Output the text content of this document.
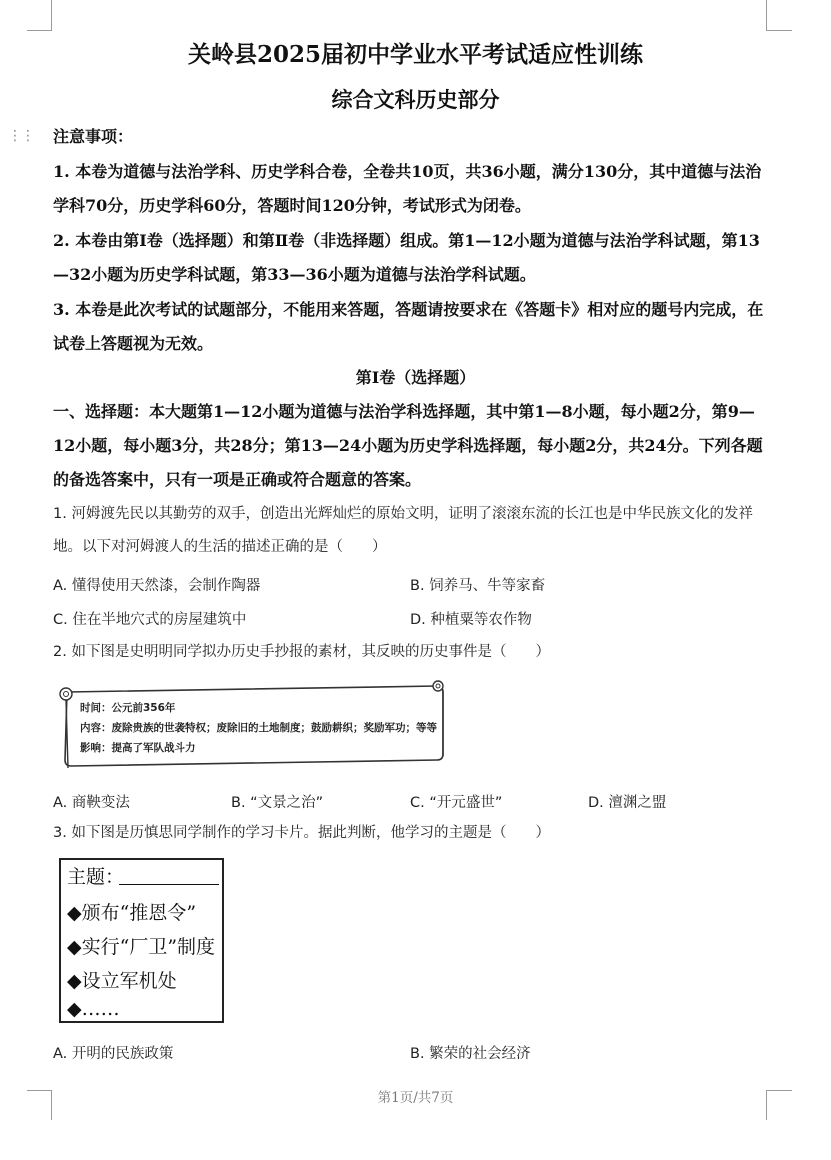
⋮⋮
关岭县2025届初中学业水平考试适应性训练
综合文科历史部分
注意事项：
1. 本卷为道德与法治学科、历史学科合卷，全卷共10页，共36小题，满分130分，其中道德与法治学科70分，历史学科60分，答题时间120分钟，考试形式为闭卷。
2. 本卷由第Ⅰ卷（选择题）和第Ⅱ卷（非选择题）组成。第1—12小题为道德与法治学科试题，第13—32小题为历史学科试题，第33—36小题为道德与法治学科试题。
3. 本卷是此次考试的试题部分，不能用来答题，答题请按要求在《答题卡》相对应的题号内完成，在试卷上答题视为无效。
第Ⅰ卷（选择题）
一、选择题：本大题第1—12小题为道德与法治学科选择题，其中第1—8小题，每小题2分，第9—12小题，每小题3分，共28分；第13—24小题为历史学科选择题，每小题2分，共24分。下列各题的备选答案中，只有一项是正确或符合题意的答案。
1. 河姆渡先民以其勤劳的双手，创造出光辉灿烂的原始文明，证明了滚滚东流的长江也是中华民族文化的发祥地。以下对河姆渡人的生活的描述正确的是（　　）
A. 懂得使用天然漆，会制作陶器	B. 饲养马、牛等家畜
C. 住在半地穴式的房屋建筑中	D. 种植粟等农作物
2. 如下图是史明明同学拟办历史手抄报的素材，其反映的历史事件是（　　）
时间：公元前356年
内容：废除贵族的世袭特权；废除旧的土地制度；鼓励耕织；奖励军功；等等
影响：提高了军队战斗力
A. 商鞅变法	B. “文景之治”	C. “开元盛世”	D. 澶渊之盟
3. 如下图是历慎思同学制作的学习卡片。据此判断，他学习的主题是（　　）
主题：
◆颁布“推恩令”
◆实行“厂卫”制度
◆设立军机处
◆……
A. 开明的民族政策	B. 繁荣的社会经济
第1页/共7页
